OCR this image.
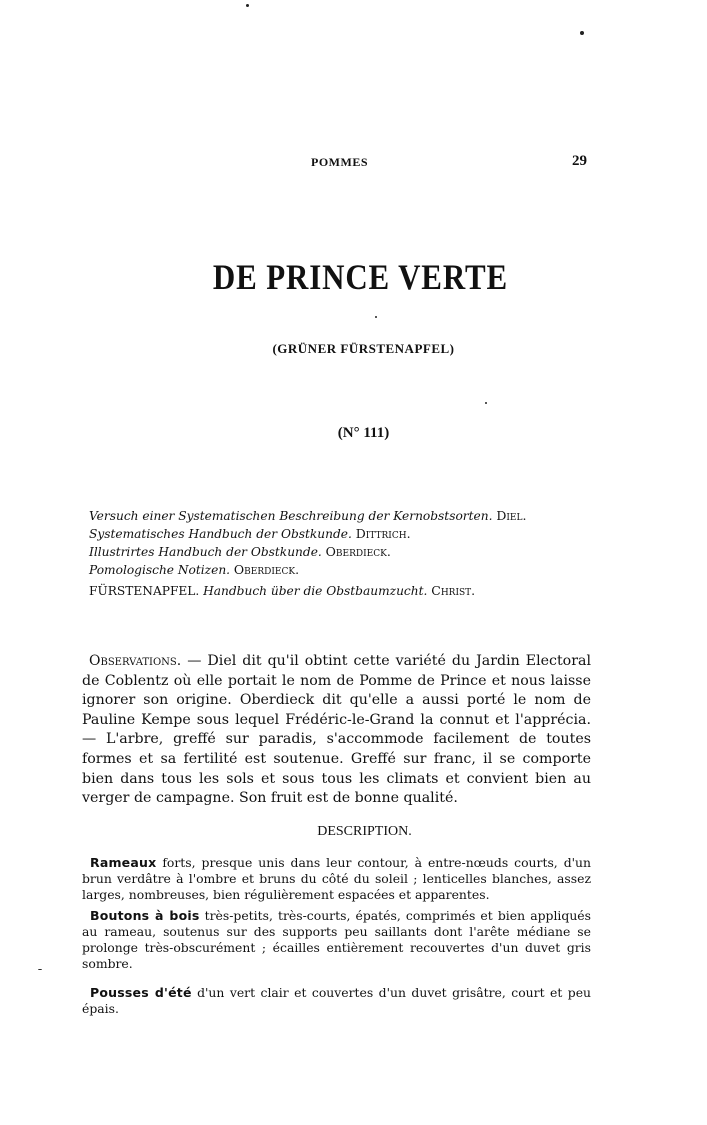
POMMES	29
DE PRINCE VERTE
(GRÜNER FÜRSTENAPFEL)
(N° 111)
Versuch einer Systematischen Beschreibung der Kernobstsorten. Diel.
Systematisches Handbuch der Obstkunde. Dittrich.
Illustrirtes Handbuch der Obstkunde. Oberdieck.
Pomologische Notizen. Oberdieck.
FÜRSTENAPFEL. Handbuch über die Obstbaumzucht. Christ.
Observations. — Diel dit qu'il obtint cette variété du Jardin Electoral de Coblentz où elle portait le nom de Pomme de Prince et nous laisse ignorer son origine. Oberdieck dit qu'elle a aussi porté le nom de Pauline Kempe sous lequel Frédéric-le-Grand la connut et l'apprécia. — L'arbre, greffé sur paradis, s'accommode facilement de toutes formes et sa fertilité est soutenue. Greffé sur franc, il se comporte bien dans tous les sols et sous tous les climats et convient bien au verger de campagne. Son fruit est de bonne qualité.
DESCRIPTION.
Rameaux forts, presque unis dans leur contour, à entre-nœuds courts, d'un brun verdâtre à l'ombre et bruns du côté du soleil ; lenticelles blanches, assez larges, nombreuses, bien régulièrement espacées et apparentes.
Boutons à bois très-petits, très-courts, épatés, comprimés et bien appliqués au rameau, soutenus sur des supports peu saillants dont l'arête médiane se prolonge très-obscurément ; écailles entièrement recouvertes d'un duvet gris sombre.
Pousses d'été d'un vert clair et couvertes d'un duvet grisâtre, court et peu épais.
